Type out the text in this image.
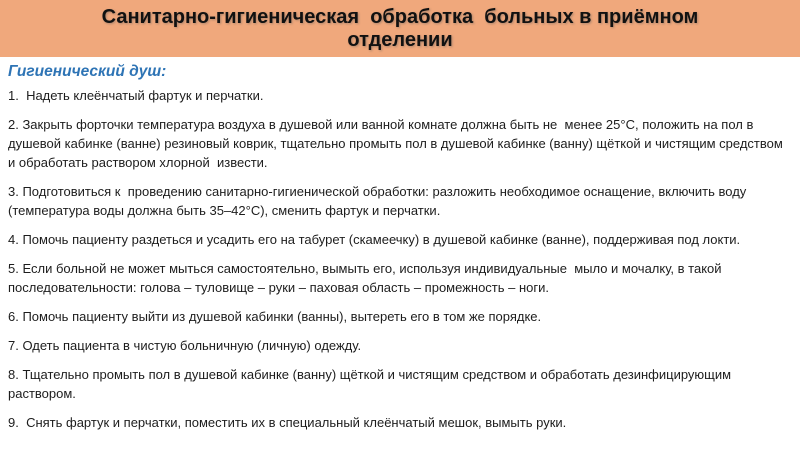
Санитарно-гигиеническая  обработка  больных в приёмном отделении
Гигиенический душ:

1.  Надеть клеёнчатый фартук и перчатки.

2. Закрыть форточки температура воздуха в душевой или ванной комнате должна быть не  менее 25°С, положить на пол в душевой кабинке (ванне) резиновый коврик, тщательно промыть пол в душевой кабинке (ванну) щёткой и чистящим средством и обработать раствором хлорной  извести.

3. Подготовиться к  проведению санитарно-гигиенической обработки: разложить необходимое оснащение, включить воду (температура воды должна быть 35–42°С), сменить фартук и перчатки.

4. Помочь пациенту раздеться и усадить его на табурет (скамеечку) в душевой кабинке (ванне), поддерживая под локти.

5. Если больной не может мыться самостоятельно, вымыть его, используя индивидуальные  мыло и мочалку, в такой последовательности: голова – туловище – руки – паховая область – промежность – ноги.

6. Помочь пациенту выйти из душевой кабинки (ванны), вытереть его в том же порядке.

7. Одеть пациента в чистую больничную (личную) одежду.

8. Тщательно промыть пол в душевой кабинке (ванну) щёткой и чистящим средством и обработать дезинфицирующим раствором.

9.  Снять фартук и перчатки, поместить их в специальный клеёнчатый мешок, вымыть руки.
